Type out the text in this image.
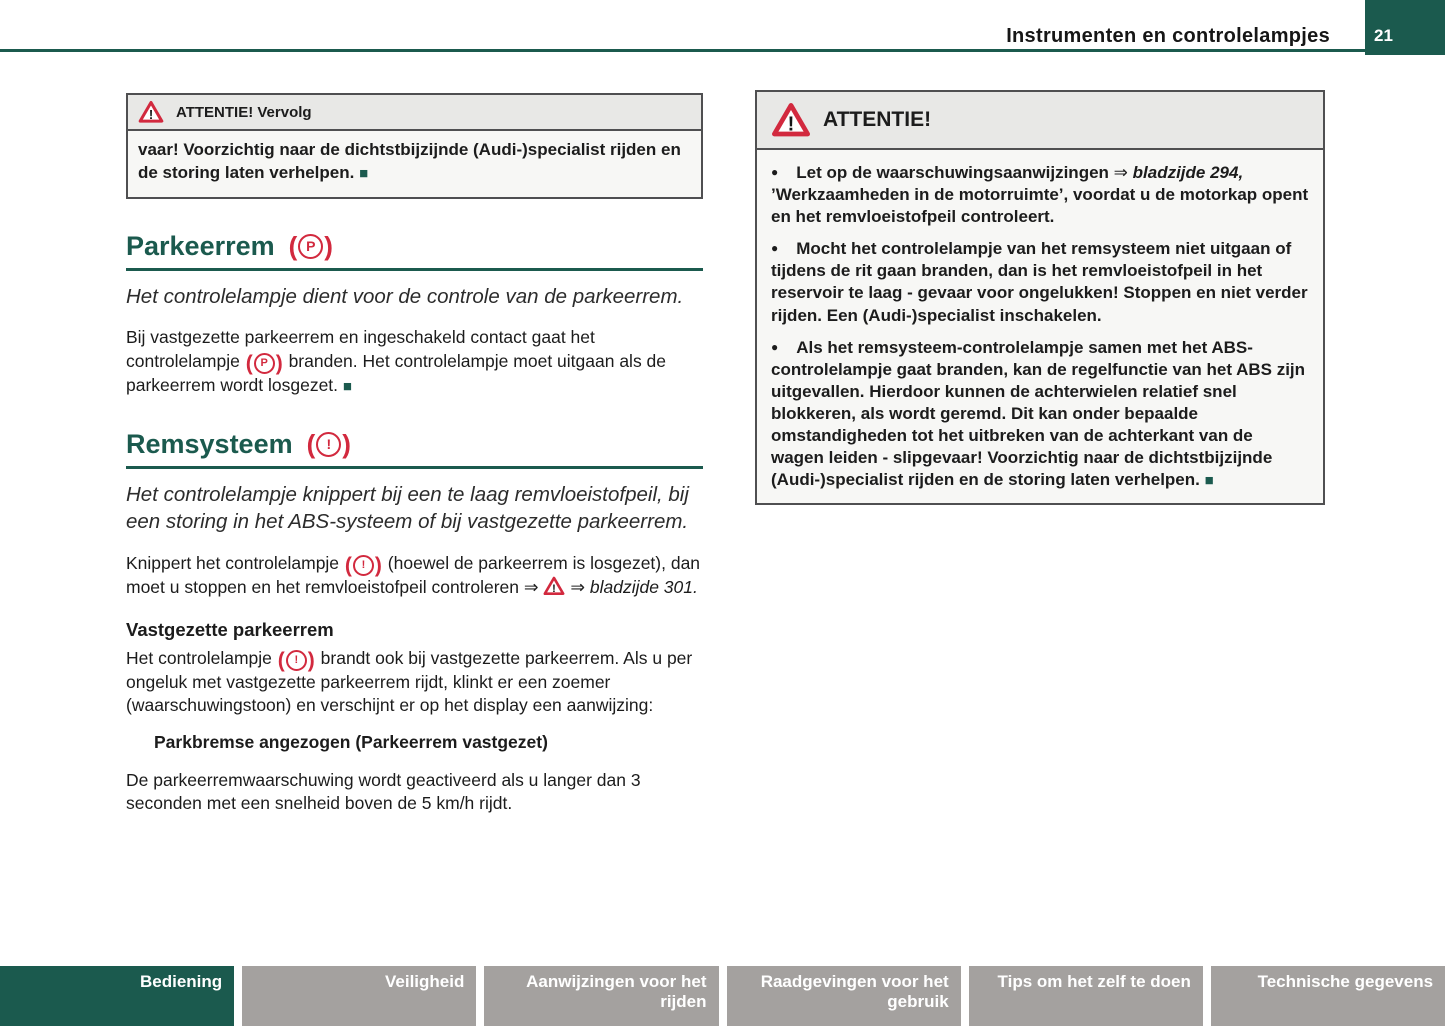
Instrumenten en controlelampjes	21
! ATTENTIE! Vervolg
vaar! Voorzichtig naar de dichtstbijzijnde (Audi-)specialist rijden en de storing laten verhelpen. ■
Parkeerrem ( P )

Het controlelampje dient voor de controle van de parkeerrem.

Bij vastgezette parkeerrem en ingeschakeld contact gaat het controlelampje ( P ) branden. Het controlelampje moet uitgaan als de parkeerrem wordt losgezet. ■

Remsysteem ( ! )

Het controlelampje knippert bij een te laag remvloeistofpeil, bij een storing in het ABS-systeem of bij vastgezette parkeerrem.

Knippert het controlelampje ( ! ) (hoewel de parkeerrem is losgezet), dan moet u stoppen en het remvloeistofpeil controleren ⇒ ! ⇒ bladzijde 301.

Vastgezette parkeerrem

Het controlelampje ( ! ) brandt ook bij vastgezette parkeerrem. Als u per ongeluk met vastgezette parkeerrem rijdt, klinkt er een zoemer (waarschuwingstoon) en verschijnt er op het display een aanwijzing:

Parkbremse angezogen (Parkeerrem vastgezet)

De parkeerremwaarschuwing wordt geactiveerd als u langer dan 3 seconden met een snelheid boven de 5 km/h rijdt.

! ATTENTIE!

● Let op de waarschuwingsaanwijzingen ⇒ bladzijde 294, ’Werkzaamheden in de motorruimte’, voordat u de motorkap opent en het remvloeistofpeil controleert.

● Mocht het controlelampje van het remsysteem niet uitgaan of tijdens de rit gaan branden, dan is het remvloeistofpeil in het reservoir te laag - gevaar voor ongelukken! Stoppen en niet verder rijden. Een (Audi-)specialist inschakelen.

● Als het remsysteem-controlelampje samen met het ABS-controlelampje gaat branden, kan de regelfunctie van het ABS zijn uitgevallen. Hierdoor kunnen de achterwielen relatief snel blokkeren, als wordt geremd. Dit kan onder bepaalde omstandigheden tot het uitbreken van de achterkant van de wagen leiden - slipgevaar! Voorzichtig naar de dichtstbijzijnde (Audi-)specialist rijden en de storing laten verhelpen. ■

Bediening	Veiligheid	Aanwijzingen voor het rijden
Raadgevingen voor het gebruik
Tips om het zelf te doen	Technische gegevens
